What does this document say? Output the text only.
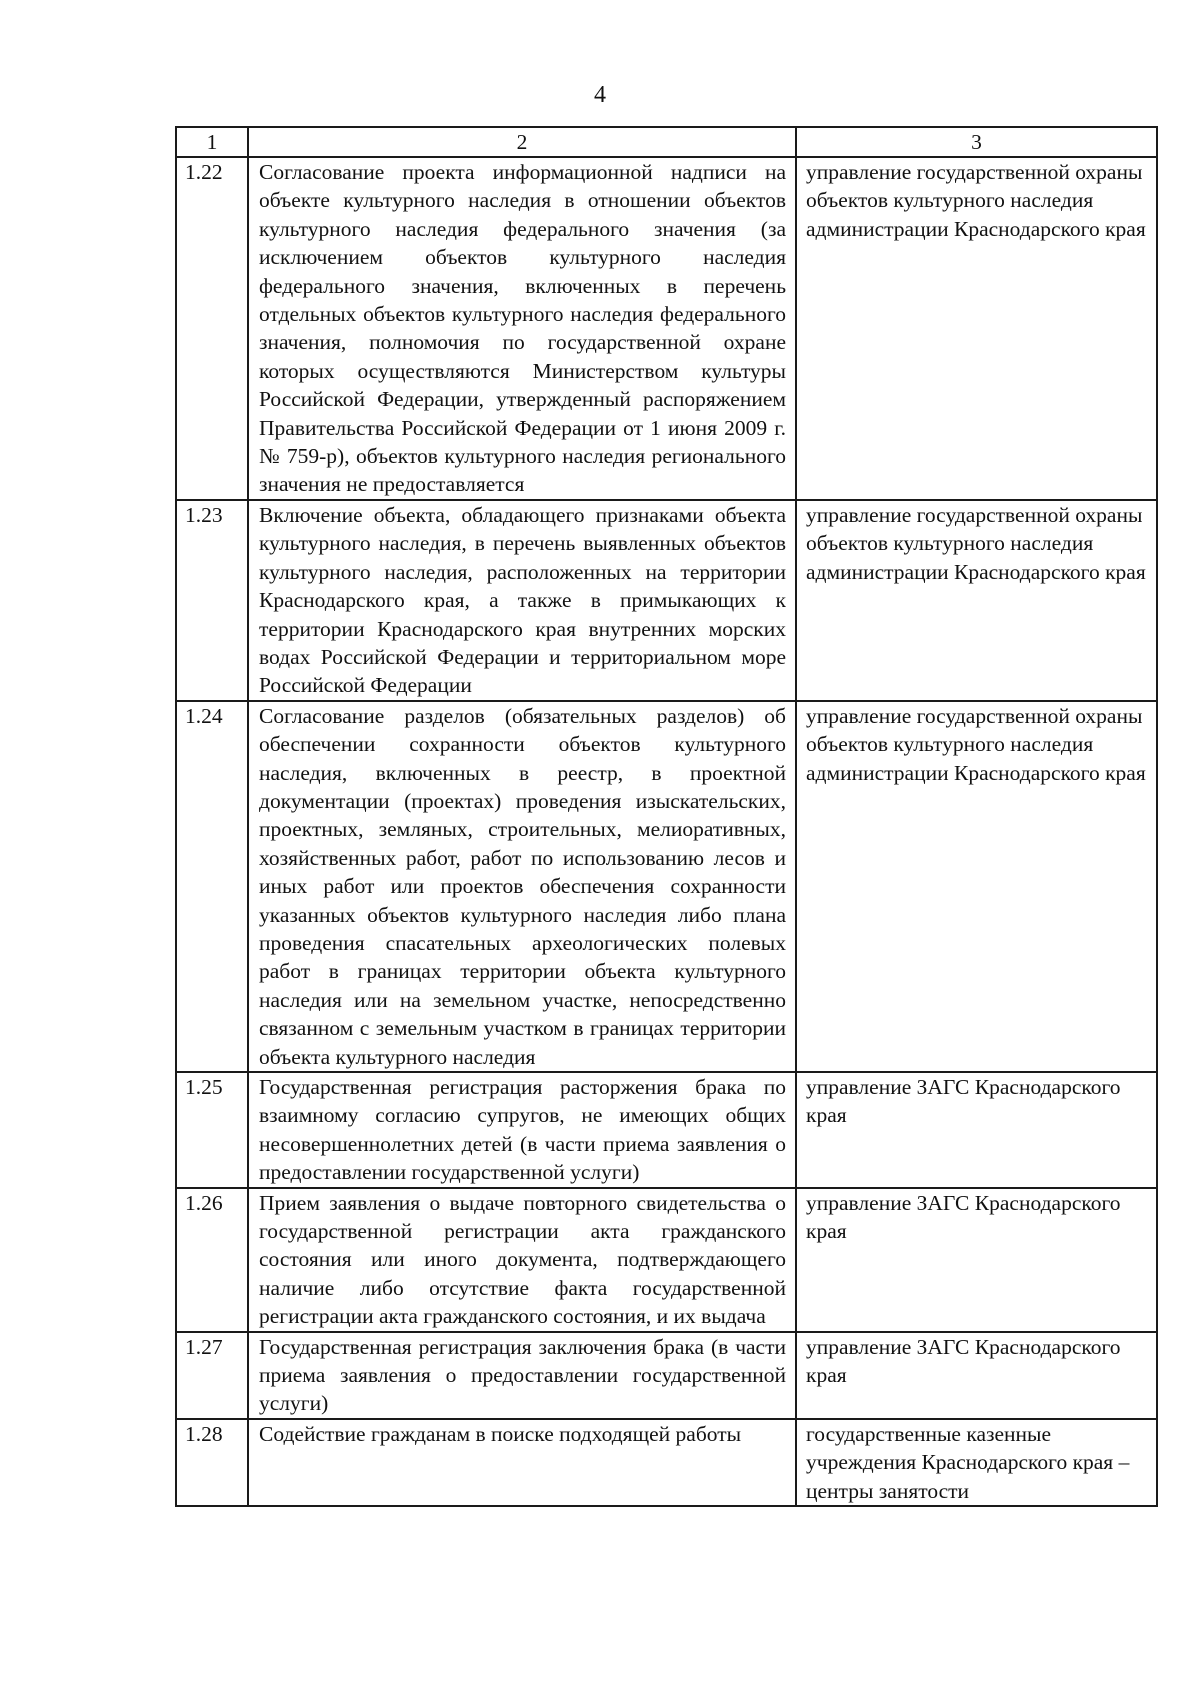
4
1	2	3
1.22	Согласование проекта информационной надписи на объекте культурного наследия в отношении объектов культурного наследия федерального значения (за исключением объектов культурного наследия федерального значения, включенных в перечень отдельных объектов культурного наследия федерального значения, полномочия по государственной охране которых осуществляются Министерством культуры Российской Федерации, утвержденный распоряжением Правительства Российской Федерации от 1 июня 2009 г. № 759-р), объектов культурного наследия регионального значения не предоставляется	управление государственной охраны объектов культурного наследия администрации Краснодарского края
1.23	Включение объекта, обладающего признаками объекта культурного наследия, в перечень выявленных объектов культурного наследия, расположенных на территории Краснодарского края, а также в примыкающих к территории Краснодарского края внутренних морских водах Российской Федерации и территориальном море Российской Федерации	управление государственной охраны объектов культурного наследия администрации Краснодарского края
1.24	Согласование разделов (обязательных разделов) об обеспечении сохранности объектов культурного наследия, включенных в реестр, в проектной документации (проектах) проведения изыскательских, проектных, земляных, строительных, мелиоративных, хозяйственных работ, работ по использованию лесов и иных работ или проектов обеспечения сохранности указанных объектов культурного наследия либо плана проведения спасательных археологических полевых работ в границах территории объекта культурного наследия или на земельном участке, непосредственно связанном с земельным участком в границах территории объекта культурного наследия	управление государственной охраны объектов культурного наследия администрации Краснодарского края
1.25	Государственная регистрация расторжения брака по взаимному согласию супругов, не имеющих общих несовершеннолетних детей (в части приема заявления о предоставлении государственной услуги)	управление ЗАГС Краснодарского края
1.26	Прием заявления о выдаче повторного свидетельства о государственной регистрации акта гражданского состояния или иного документа, подтверждающего наличие либо отсутствие факта государственной регистрации акта гражданского состояния, и их выдача	управление ЗАГС Краснодарского края
1.27	Государственная регистрация заключения брака (в части приема заявления о предоставлении государственной услуги)	управление ЗАГС Краснодарского края
1.28	Содействие гражданам в поиске подходящей работы	государственные казенные учреждения Краснодарского края – центры занятости
